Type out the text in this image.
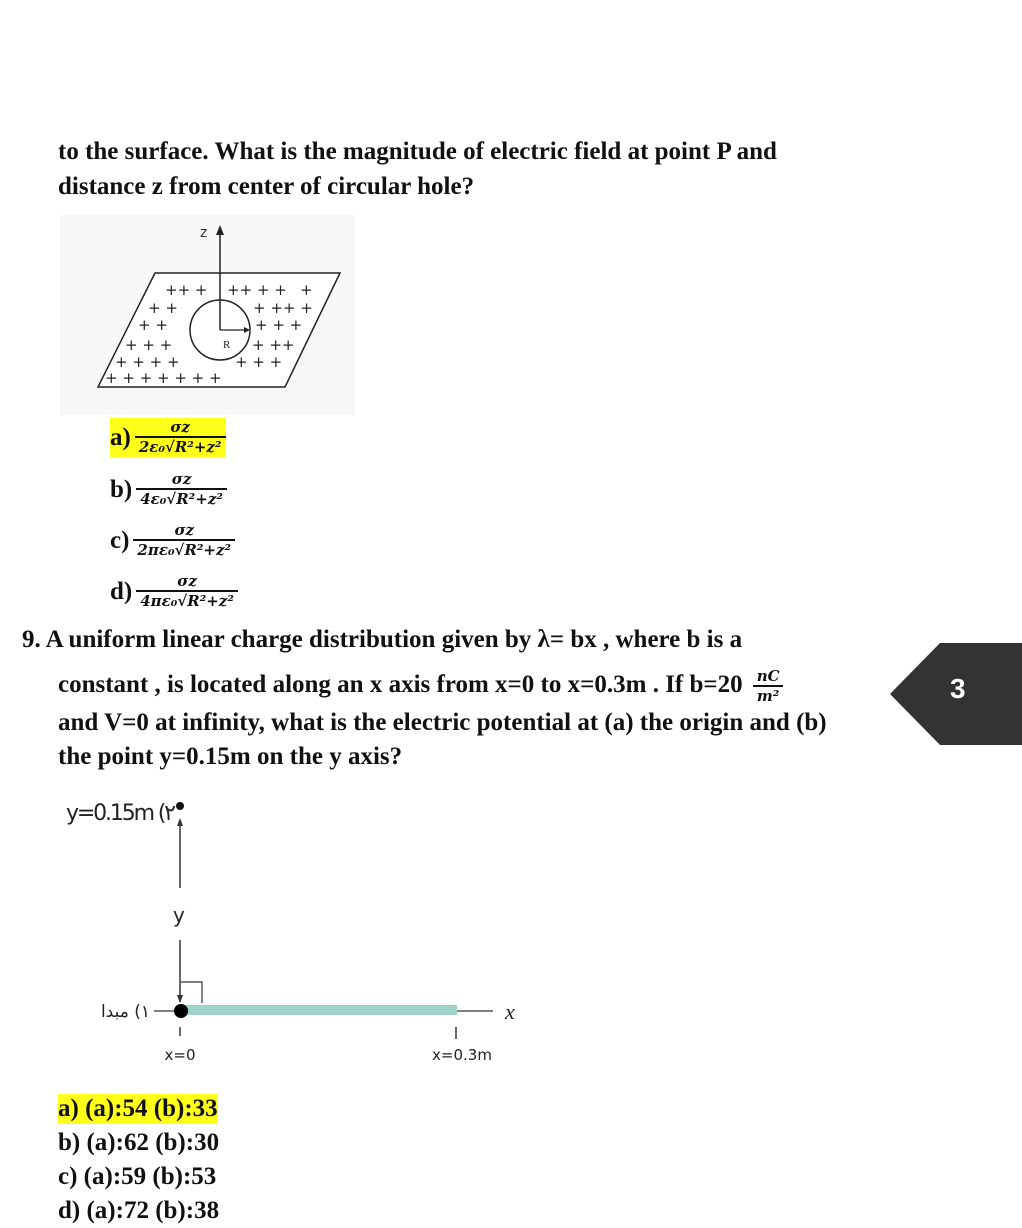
to the surface. What is the magnitude of electric field at point P and
distance z from center of circular hole?
z
R
++ + ++ + + +
+ +	+ ++ +
+ +	+ + +
+ + +	+ ++
+ + + +	+ + +
+ + + + + + +
$a) \frac{\sigma z}{\text{2ε₀√R²+z²}}$
$b) \frac{\sigma z}{\text{4ε₀√R²+z²}}$
$c) \frac{\sigma z}{\text{2πε₀√R²+z²}}$
$d) \frac{\sigma z}{\text{4πε₀√R²+z²}}$
9. A uniform linear charge distribution given by λ= bx , where b is a
constant , is located along an x axis from x=0 to x=0.3m . If $b=20 \frac{nC}{\text{m²}}$
and V=0 at infinity, what is the electric potential at (a) the origin and (b)
the point y=0.15m on the y axis?
3
y=0.15m (٢
y
١) مبدا	x
x=0	x=0.3m
a) (a):54 (b):33
b) (a):62 (b):30
c) (a):59 (b):53
d) (a):72 (b):38
